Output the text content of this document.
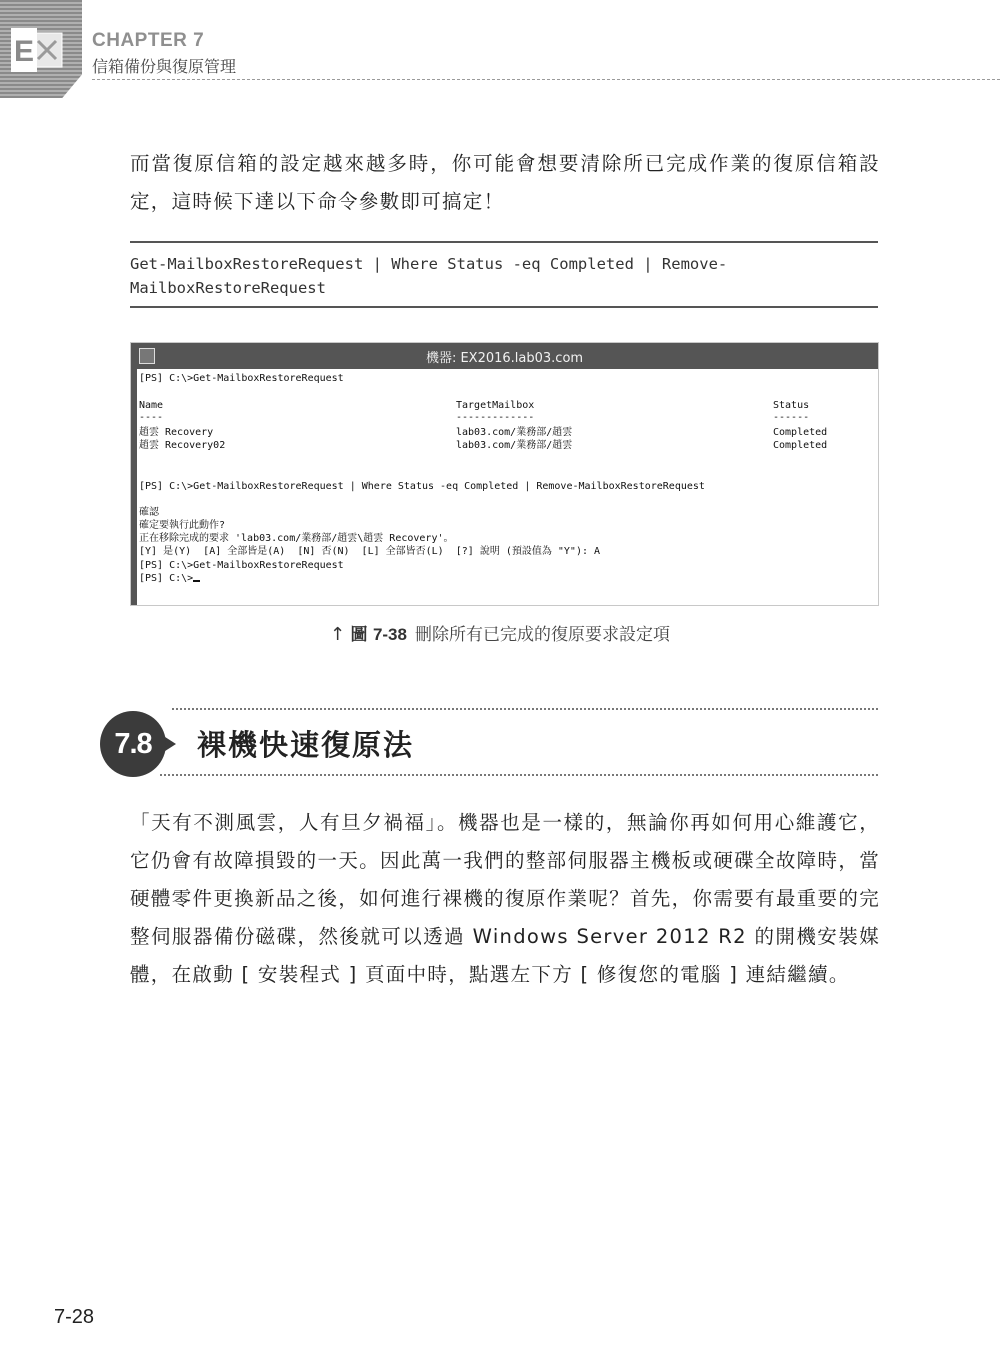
E	CHAPTER 7
信箱備份與復原管理
而當復原信箱的設定越來越多時，你可能會想要清除所已完成作業的復原信箱設定，這時候下達以下命令參數即可搞定！
Get-MailboxRestoreRequest | Where Status -eq Completed | Remove-
MailboxRestoreRequest
機器: EX2016.lab03.com
[PS] C:\>Get-MailboxRestoreRequest
Name	TargetMailbox	Status
----	-------------	------
趙雲 Recovery	lab03.com/業務部/趙雲	Completed
趙雲 Recovery02	lab03.com/業務部/趙雲	Completed
[PS] C:\>Get-MailboxRestoreRequest | Where Status -eq Completed | Remove-MailboxRestoreRequest
確認
確定要執行此動作?
正在移除完成的要求 'lab03.com/業務部/趙雲\趙雲 Recovery'。
[Y] 是(Y)  [A] 全部皆是(A)  [N] 否(N)  [L] 全部皆否(L)  [?] 說明 (預設值為 "Y"): A
[PS] C:\>Get-MailboxRestoreRequest
[PS] C:\>
↑ 圖 7-38 刪除所有已完成的復原要求設定項
7.8	裸機快速復原法
「天有不測風雲，人有旦夕禍福」。機器也是一樣的，無論你再如何用心維護它，它仍會有故障損毀的一天。因此萬一我們的整部伺服器主機板或硬碟全故障時，當硬體零件更換新品之後，如何進行裸機的復原作業呢？首先，你需要有最重要的完整伺服器備份磁碟，然後就可以透過 Windows Server 2012 R2 的開機安裝媒體，在啟動 [ 安裝程式 ] 頁面中時，點選左下方 [ 修復您的電腦 ] 連結繼續。
7-28
